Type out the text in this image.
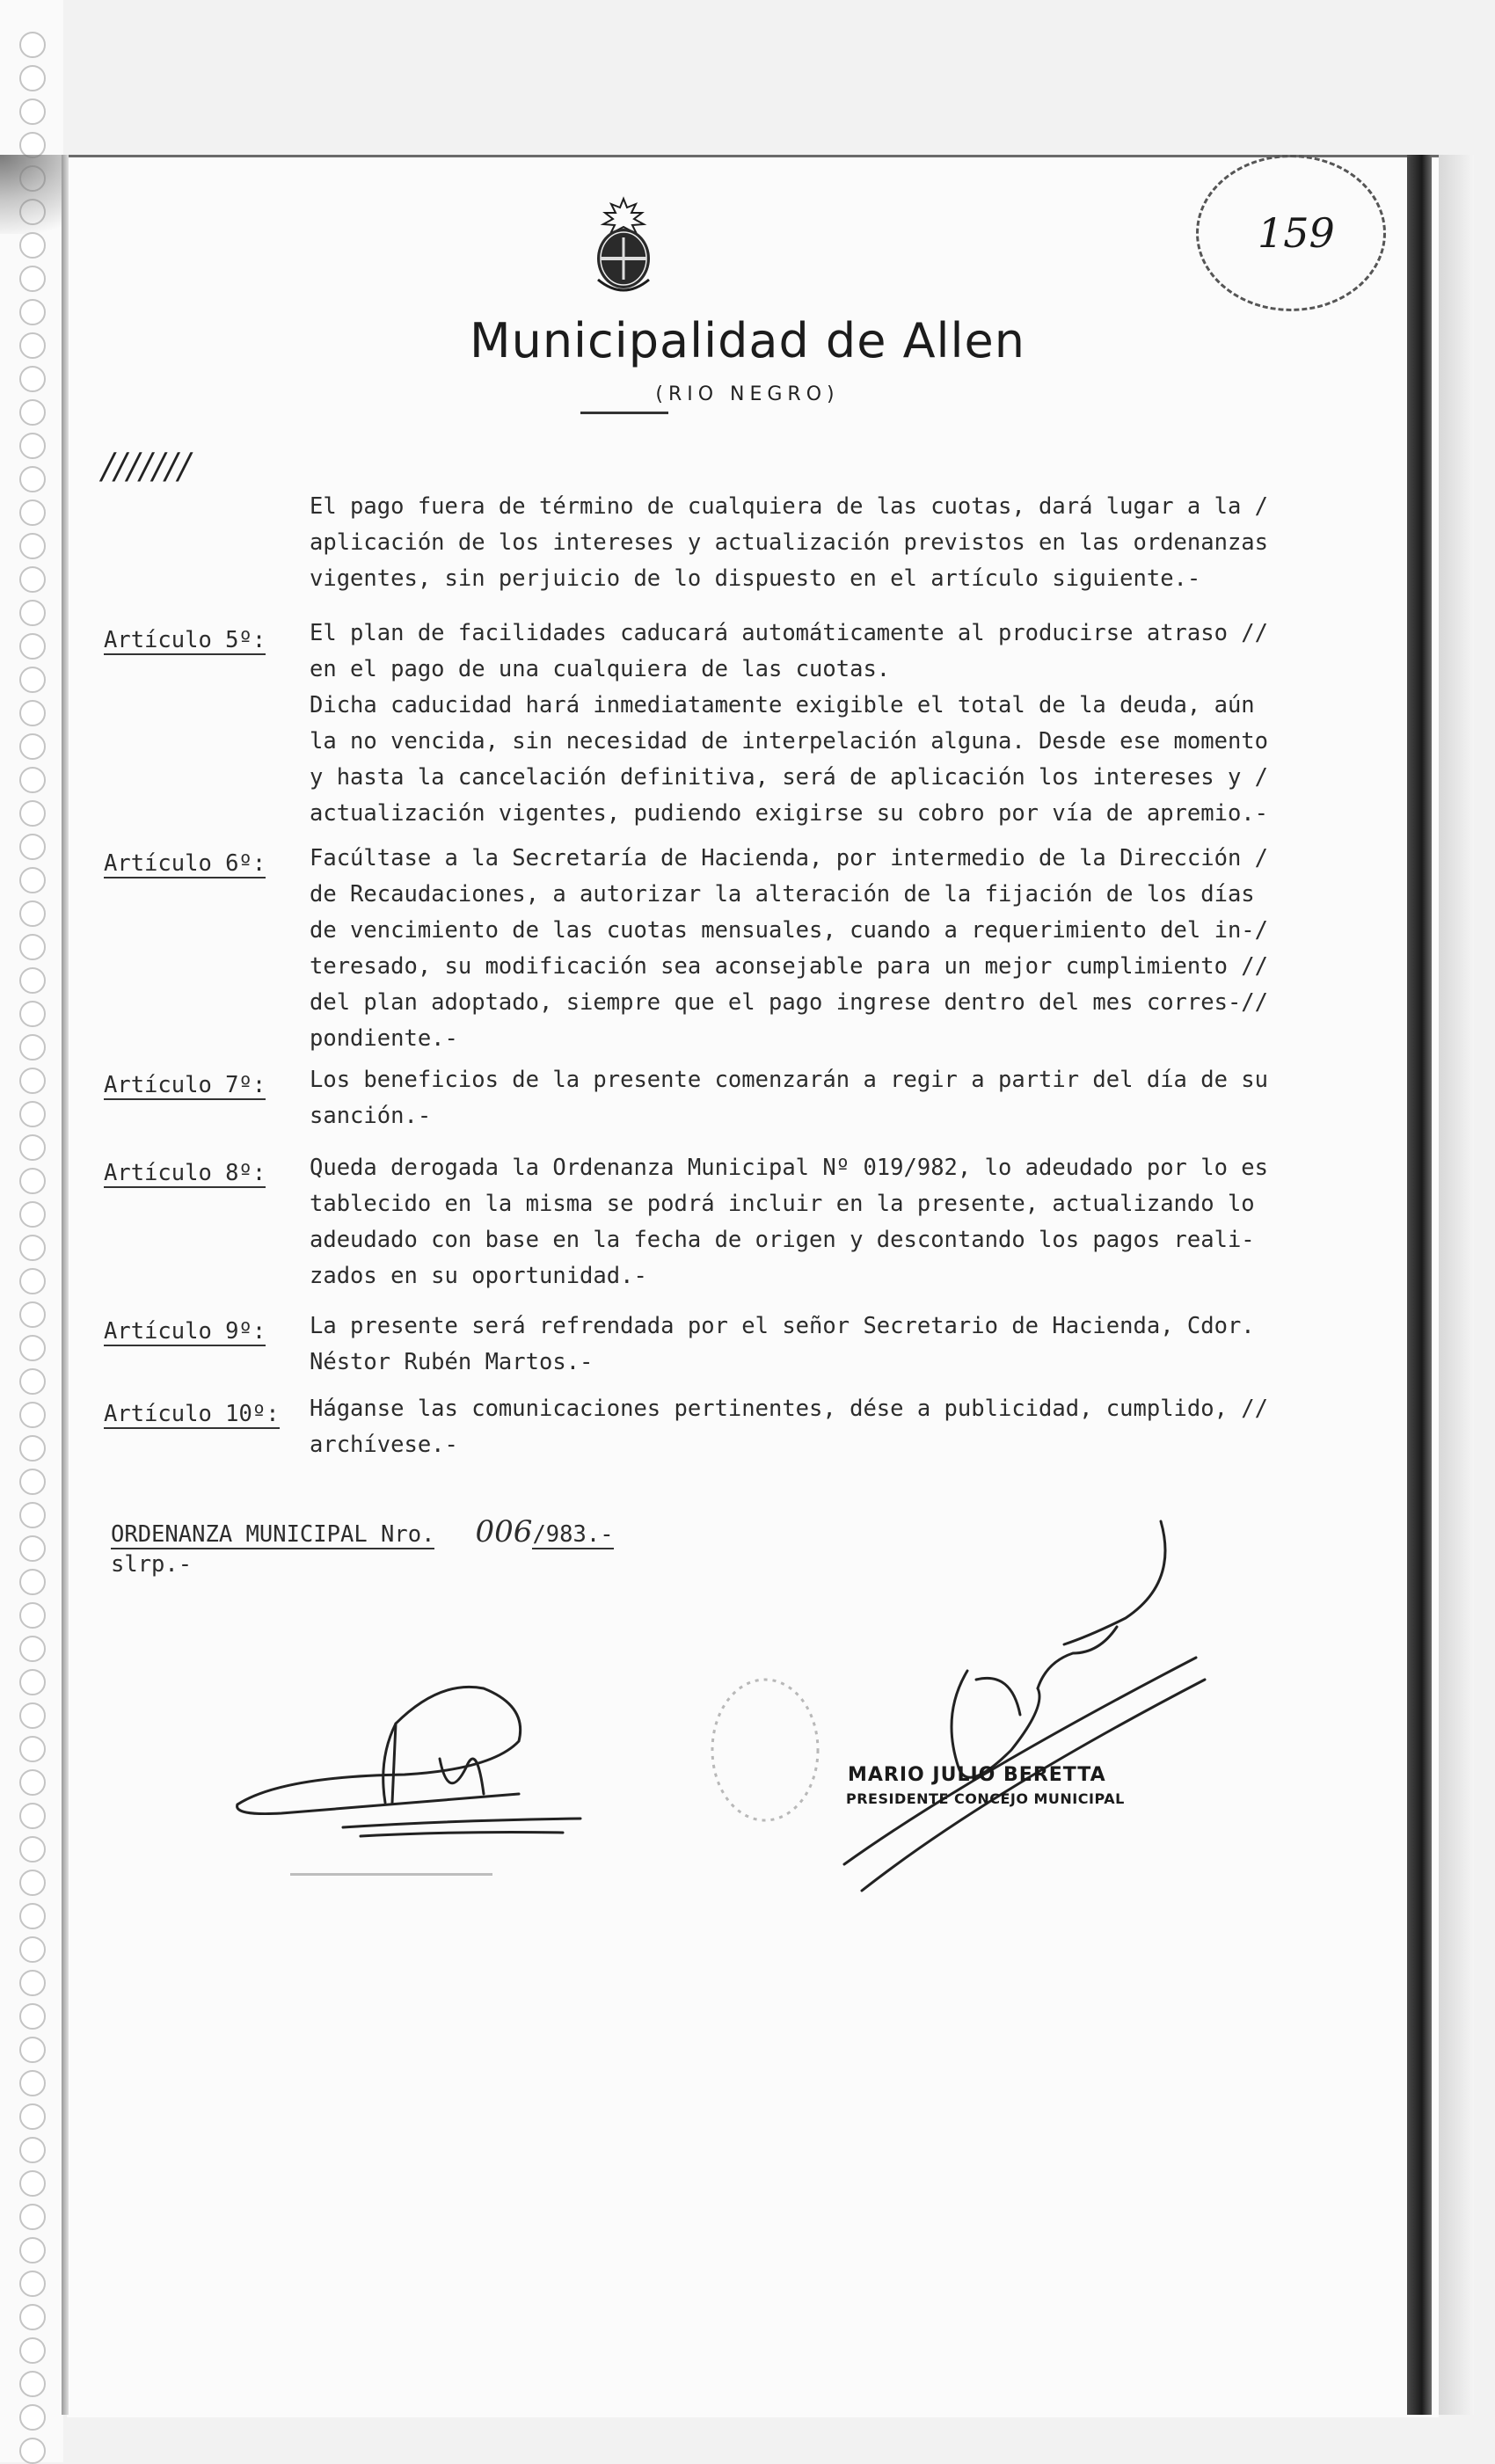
Municipalidad de Allen
(RIO NEGRO)
159
///////
El pago fuera de término de cualquiera de las cuotas, dará lugar a la /
aplicación de los intereses y actualización previstos en las ordenanzas
vigentes, sin perjuicio de lo dispuesto en el artículo siguiente.-
Artículo 5º: El plan de facilidades caducará automáticamente al producirse atraso //
en el pago de una cualquiera de las cuotas.
Dicha caducidad hará inmediatamente exigible el total de la deuda, aún
la no vencida, sin necesidad de interpelación alguna. Desde ese momento
y hasta la cancelación definitiva, será de aplicación los intereses y /
actualización vigentes, pudiendo exigirse su cobro por vía de apremio.-
Artículo 6º: Facúltase a la Secretaría de Hacienda, por intermedio de la Dirección /
de Recaudaciones, a autorizar la alteración de la fijación de los días
de vencimiento de las cuotas mensuales, cuando a requerimiento del in-/
teresado, su modificación sea aconsejable para un mejor cumplimiento //
del plan adoptado, siempre que el pago ingrese dentro del mes corres-//
pondiente.-
Artículo 7º: Los beneficios de la presente comenzarán a regir a partir del día de su
sanción.-
Artículo 8º: Queda derogada la Ordenanza Municipal Nº 019/982, lo adeudado por lo es
tablecido en la misma se podrá incluir en la presente, actualizando lo
adeudado con base en la fecha de origen y descontando los pagos reali-
zados en su oportunidad.-
Artículo 9º: La presente será refrendada por el señor Secretario de Hacienda, Cdor.
Néstor Rubén Martos.-
Artículo 10º: Háganse las comunicaciones pertinentes, dése a publicidad, cumplido, //
archívese.-
ORDENANZA MUNICIPAL Nro. 006/983.-
slrp.-
MARIO JULIO BERETTA
PRESIDENTE CONCEJO MUNICIPAL
